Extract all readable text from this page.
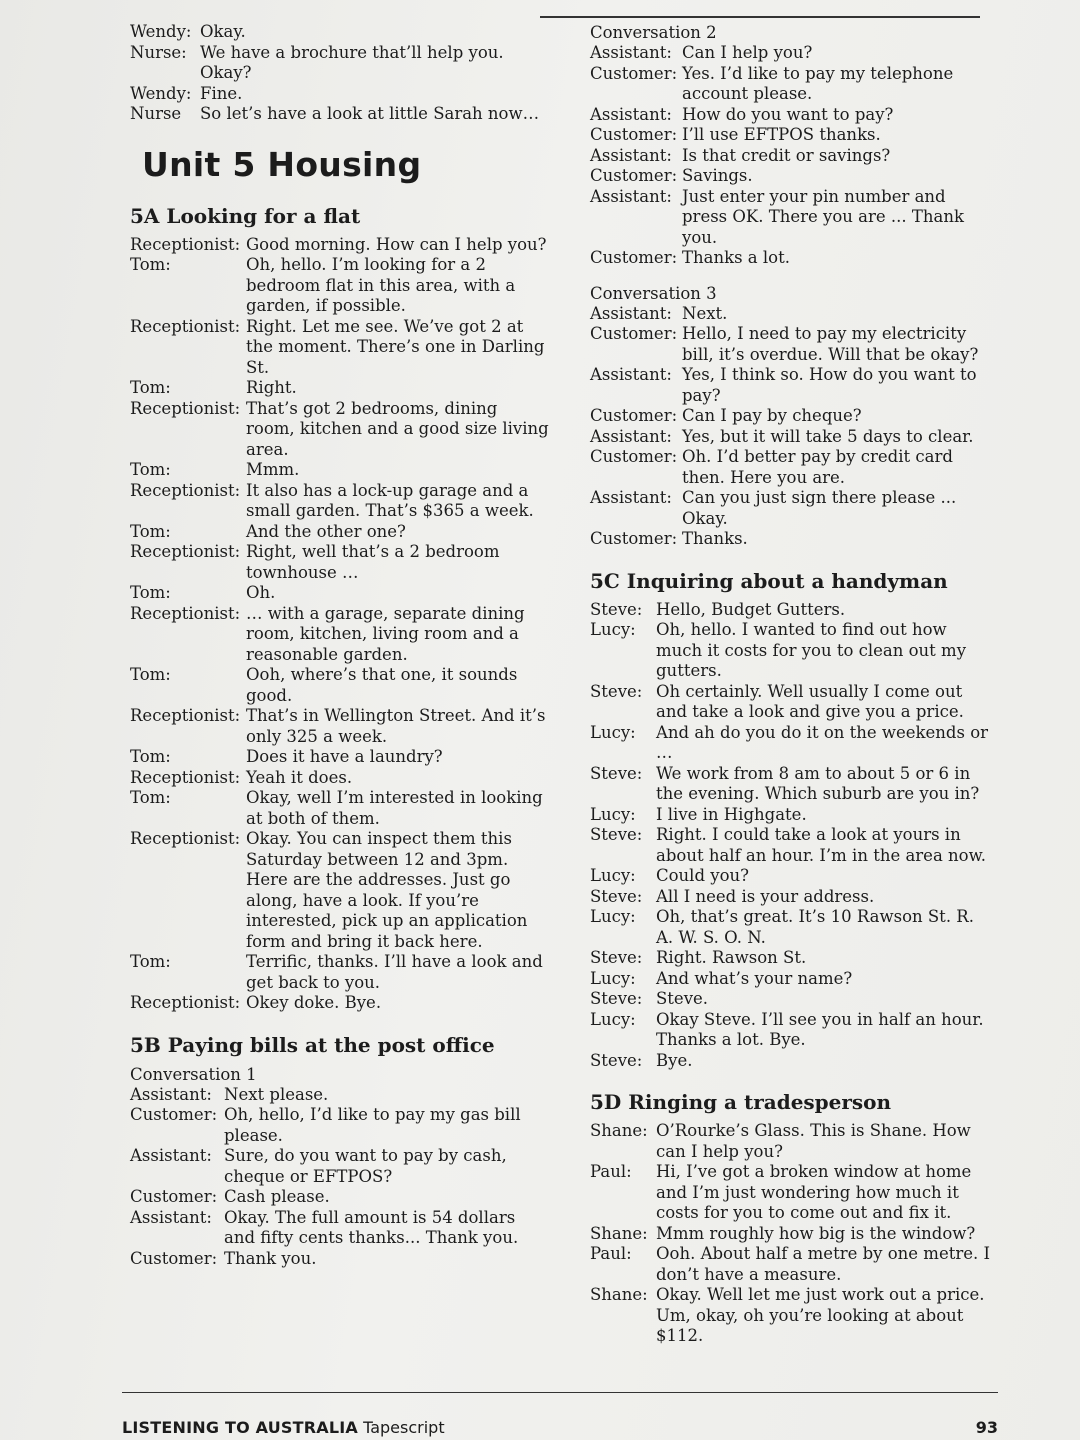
Wendy: Okay.
Nurse: We have a brochure that’ll help you. Okay?
Wendy: Fine.
Nurse	So let’s have a look at little Sarah now…
Unit 5 Housing
5A Looking for a flat
Receptionist: Good morning. How can I help you?
Tom:	Oh, hello. I’m looking for a 2 bedroom flat in this area, with a garden, if possible.
Receptionist: Right. Let me see. We’ve got 2 at the moment. There’s one in Darling St.
Tom:	Right.
Receptionist: That’s got 2 bedrooms, dining room, kitchen and a good size living area.
Tom:	Mmm.
Receptionist: It also has a lock-up garage and a small garden. That’s $365 a week.
Tom:	And the other one?
Receptionist: Right, well that’s a 2 bedroom townhouse …
Tom:	Oh.
Receptionist: … with a garage, separate dining room, kitchen, living room and a reasonable garden.
Tom:	Ooh, where’s that one, it sounds good.
Receptionist: That’s in Wellington Street. And it’s only 325 a week.
Tom:	Does it have a laundry?
Receptionist: Yeah it does.
Tom:	Okay, well I’m interested in looking at both of them.
Receptionist: Okay. You can inspect them this Saturday between 12 and 3pm. Here are the addresses. Just go along, have a look. If you’re interested, pick up an application form and bring it back here.
Tom:	Terrific, thanks. I’ll have a look and get back to you.
Receptionist: Okey doke. Bye.
5B Paying bills at the post office
Conversation 1
Assistant: Next please.
Customer: Oh, hello, I’d like to pay my gas bill please.
Assistant: Sure, do you want to pay by cash, cheque or EFTPOS?
Customer: Cash please.
Assistant: Okay. The full amount is 54 dollars and fifty cents thanks... Thank you.
Customer: Thank you.
Conversation 2
Assistant: Can I help you?
Customer: Yes. I’d like to pay my telephone account please.
Assistant: How do you want to pay?
Customer: I’ll use EFTPOS thanks.
Assistant: Is that credit or savings?
Customer: Savings.
Assistant: Just enter your pin number and press OK. There you are ... Thank you.
Customer: Thanks a lot.
Conversation 3
Assistant: Next.
Customer: Hello, I need to pay my electricity bill, it’s overdue. Will that be okay?
Assistant: Yes, I think so. How do you want to pay?
Customer: Can I pay by cheque?
Assistant: Yes, but it will take 5 days to clear.
Customer: Oh. I’d better pay by credit card then. Here you are.
Assistant: Can you just sign there please ... Okay.
Customer: Thanks.
5C Inquiring about a handyman
Steve: Hello, Budget Gutters.
Lucy:	Oh, hello. I wanted to find out how much it costs for you to clean out my gutters.
Steve: Oh certainly. Well usually I come out and take a look and give you a price.
Lucy:	And ah do you do it on the weekends or …
Steve: We work from 8 am to about 5 or 6 in the evening. Which suburb are you in?
Lucy:	I live in Highgate.
Steve: Right. I could take a look at yours in about half an hour. I’m in the area now.
Lucy:	Could you?
Steve: All I need is your address.
Lucy:	Oh, that’s great. It’s 10 Rawson St. R. A. W. S. O. N.
Steve: Right. Rawson St.
Lucy:	And what’s your name?
Steve: Steve.
Lucy:	Okay Steve. I’ll see you in half an hour. Thanks a lot. Bye.
Steve: Bye.
5D Ringing a tradesperson
Shane: O’Rourke’s Glass. This is Shane. How can I help you?
Paul:	Hi, I’ve got a broken window at home and I’m just wondering how much it costs for you to come out and fix it.
Shane: Mmm roughly how big is the window?
Paul:	Ooh. About half a metre by one metre. I don’t have a measure.
Shane: Okay. Well let me just work out a price. Um, okay, oh you’re looking at about $112.
LISTENING TO AUSTRALIA Tapescript	93
